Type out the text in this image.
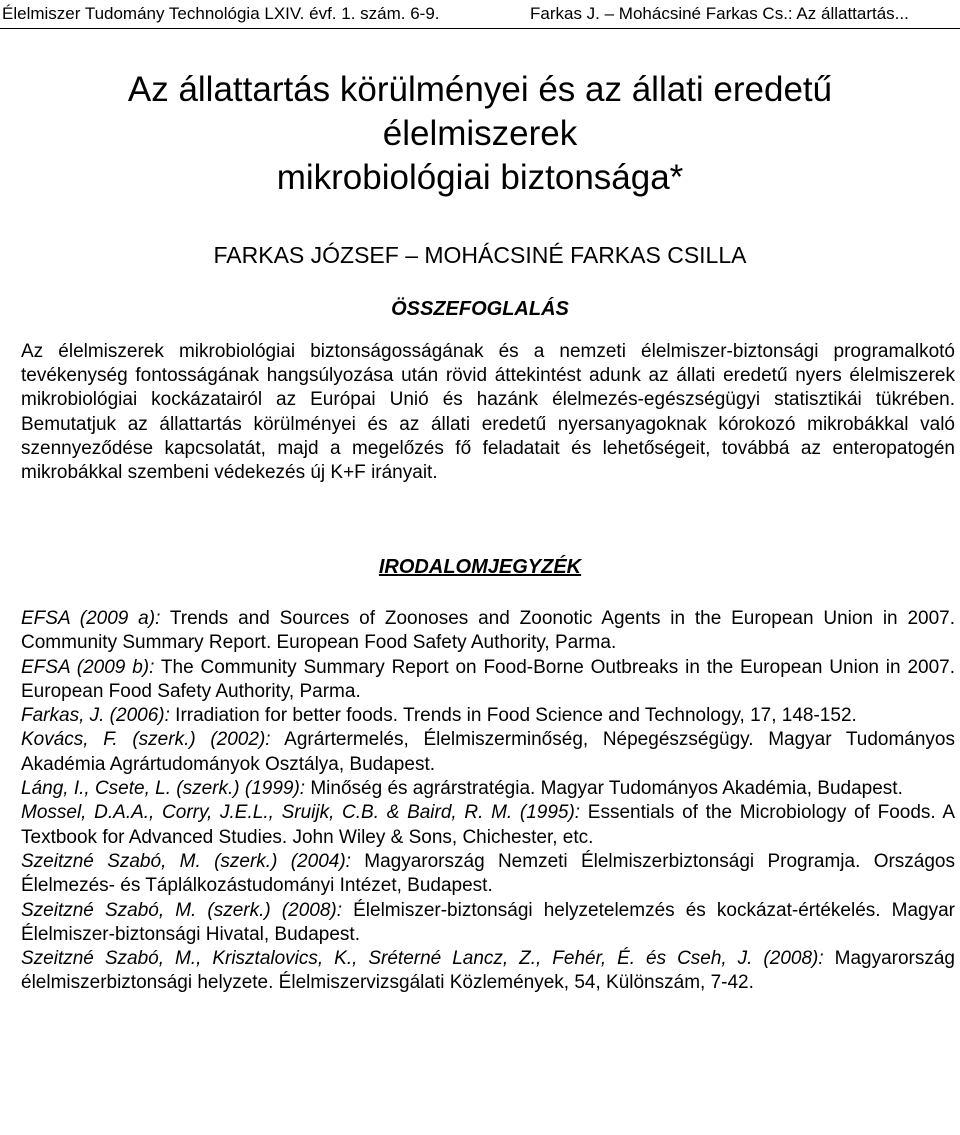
Élelmiszer Tudomány Technológia LXIV. évf. 1. szám. 6-9.	Farkas J. – Mohácsiné Farkas Cs.: Az állattartás...
Az állattartás körülményei és az állati eredetű
élelmiszerek
mikrobiológiai biztonsága*
FARKAS JÓZSEF – MOHÁCSINÉ FARKAS CSILLA
ÖSSZEFOGLALÁS
Az élelmiszerek mikrobiológiai biztonságosságának és a nemzeti élelmiszer-biztonsági programalkotó tevékenység fontosságának hangsúlyozása után rövid áttekintést adunk az állati eredetű nyers élelmiszerek mikrobiológiai kockázatairól az Európai Unió és hazánk élelmezés-egészségügyi statisztikái tükrében. Bemutatjuk az állattartás körülményei és az állati eredetű nyersanyagoknak kórokozó mikrobákkal való szennyeződése kapcsolatát, majd a megelőzés fő feladatait és lehetőségeit, továbbá az enteropatogén mikrobákkal szembeni védekezés új K+F irányait.
IRODALOMJEGYZÉK
EFSA (2009 a): Trends and Sources of Zoonoses and Zoonotic Agents in the European Union in 2007. Community Summary Report. European Food Safety Authority, Parma.
EFSA (2009 b): The Community Summary Report on Food-Borne Outbreaks in the European Union in 2007. European Food Safety Authority, Parma.
Farkas, J. (2006): Irradiation for better foods. Trends in Food Science and Technology, 17, 148-152.
Kovács, F. (szerk.) (2002): Agrártermelés, Élelmiszerminőség, Népegészségügy. Magyar Tudományos Akadémia Agrártudományok Osztálya, Budapest.
Láng, I., Csete, L. (szerk.) (1999): Minőség és agrárstratégia. Magyar Tudományos Akadémia, Budapest.
Mossel, D.A.A., Corry, J.E.L., Sruijk, C.B. & Baird, R. M. (1995): Essentials of the Microbiology of Foods. A Textbook for Advanced Studies. John Wiley & Sons, Chichester, etc.
Szeitzné Szabó, M. (szerk.) (2004): Magyarország Nemzeti Élelmiszerbiztonsági Programja. Országos Élelmezés- és Táplálkozástudományi Intézet, Budapest.
Szeitzné Szabó, M. (szerk.) (2008): Élelmiszer-biztonsági helyzetelemzés és kockázat-értékelés. Magyar Élelmiszer-biztonsági Hivatal, Budapest.
Szeitzné Szabó, M., Krisztalovics, K., Sréterné Lancz, Z., Fehér, É. és Cseh, J. (2008): Magyarország élelmiszerbiztonsági helyzete. Élelmiszervizsgálati Közlemények, 54, Különszám, 7-42.
